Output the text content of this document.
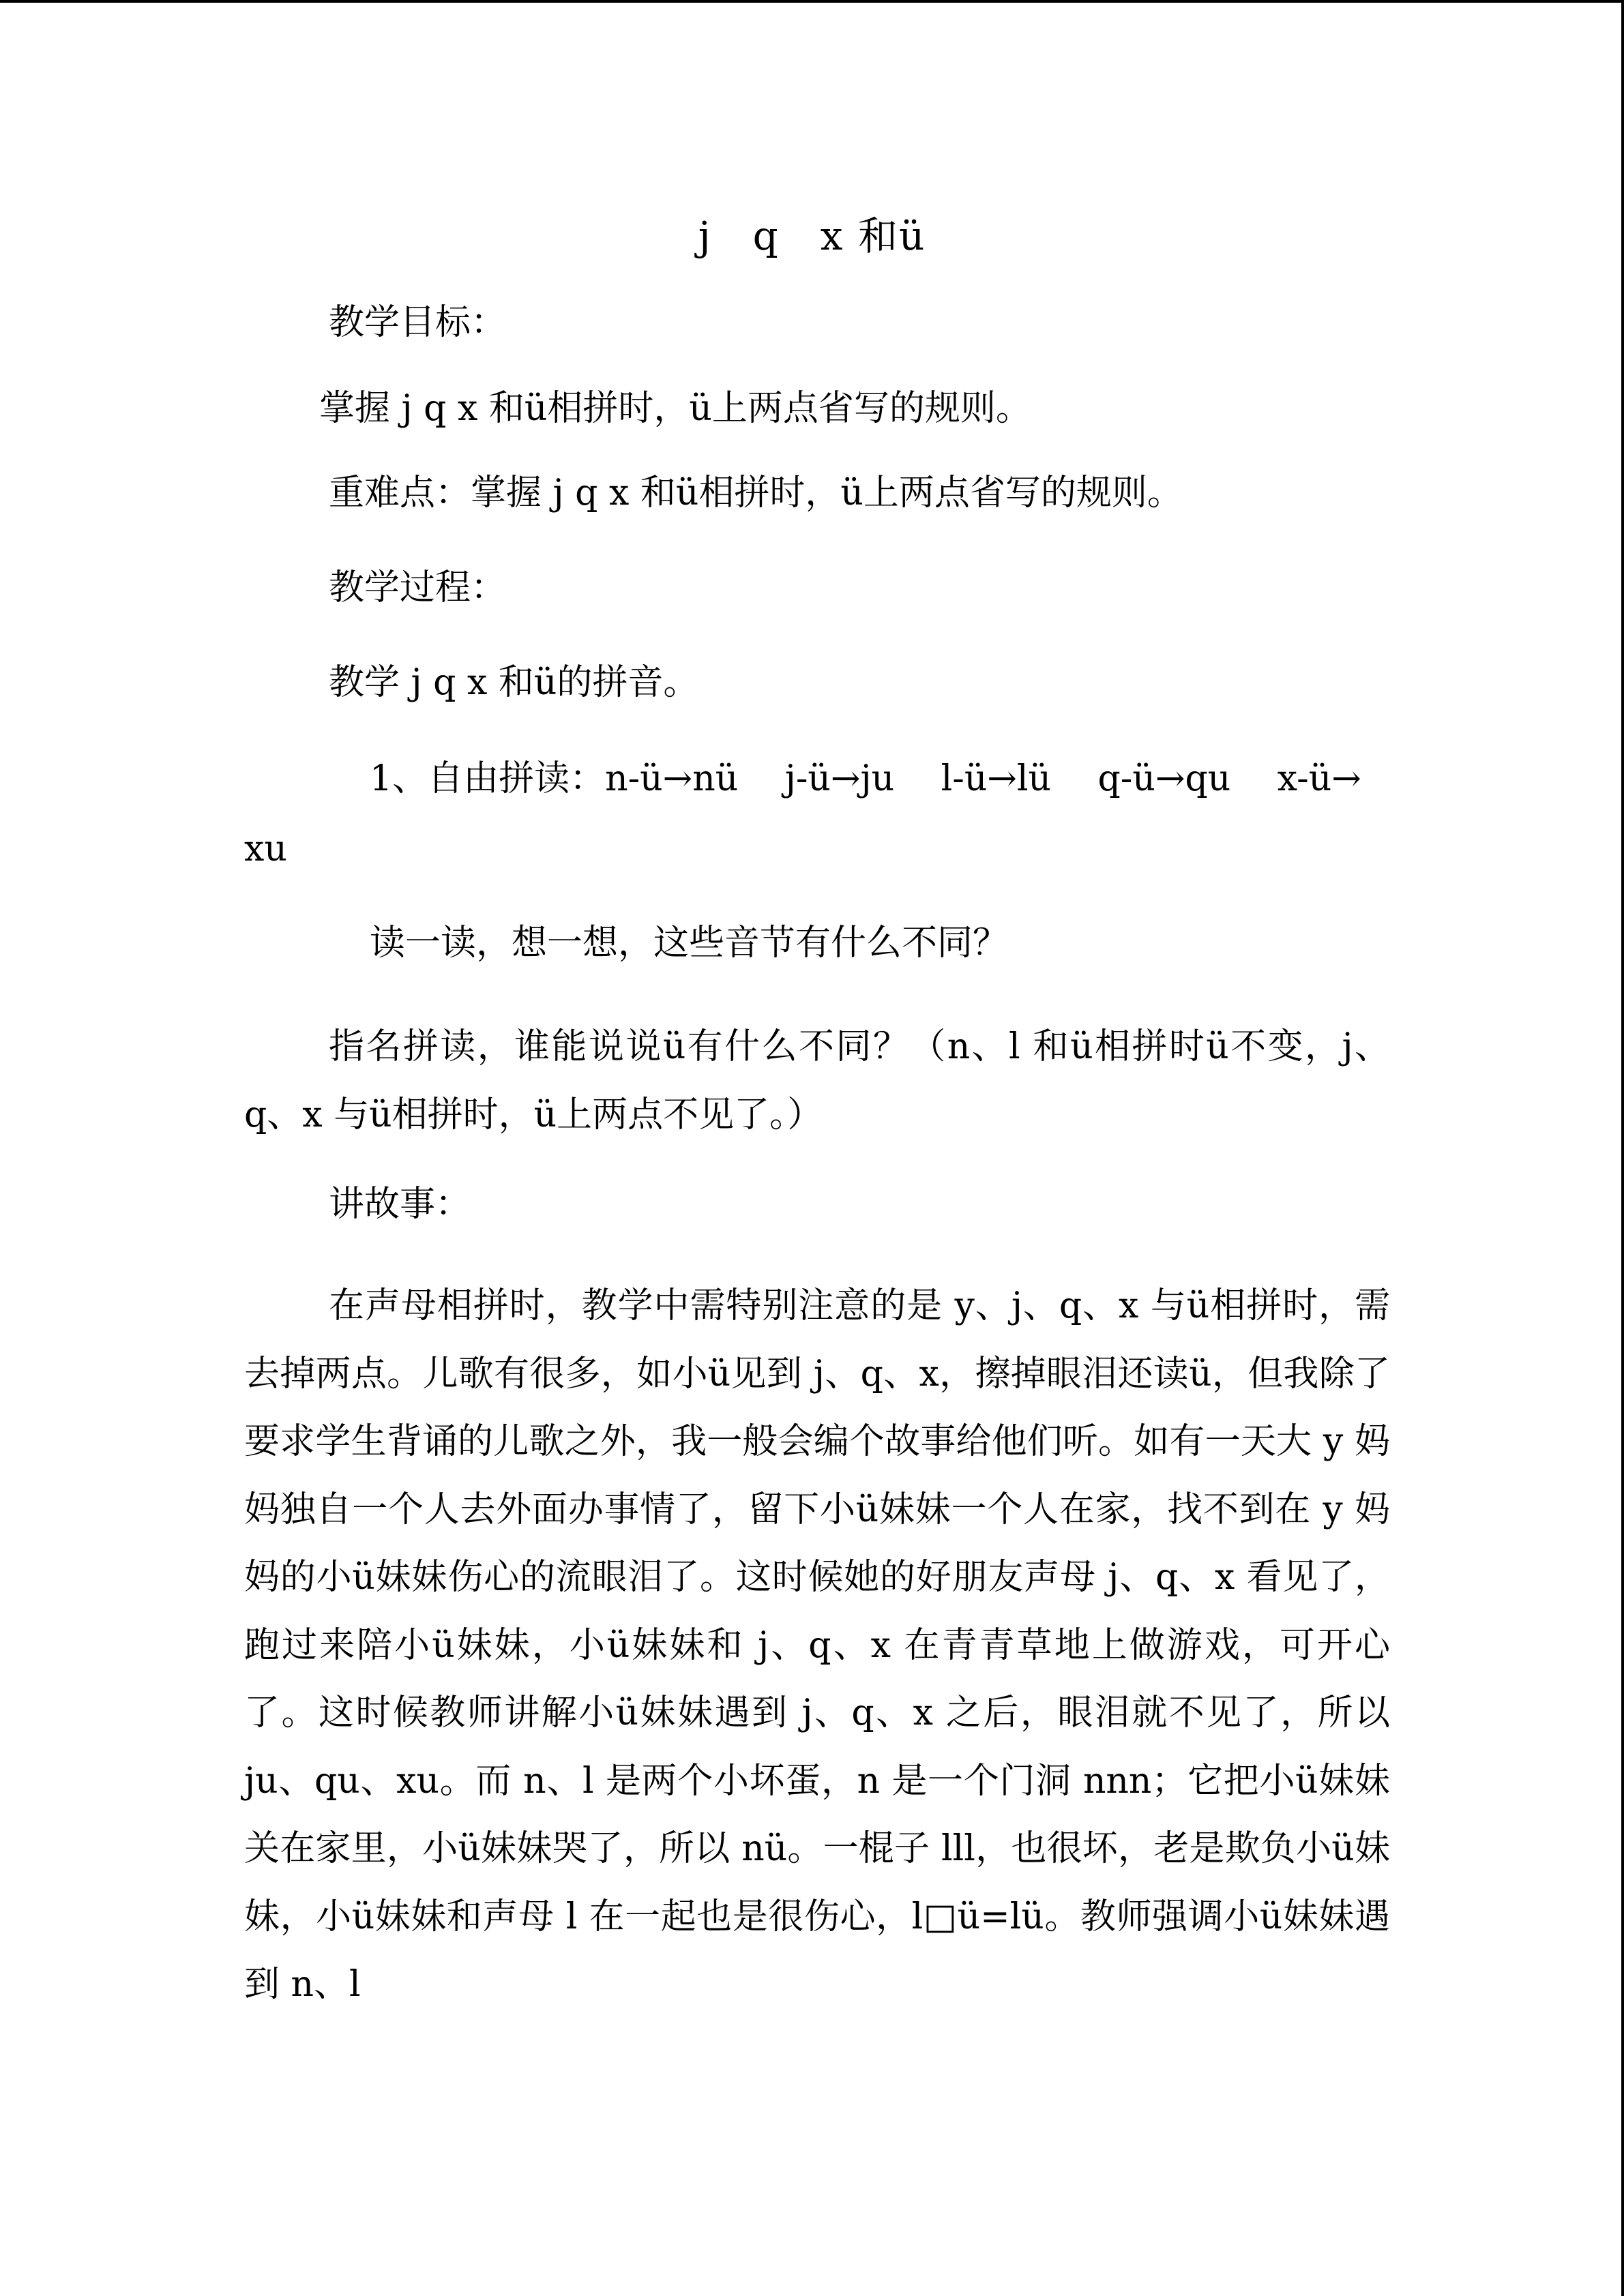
j　q　x 和ü
教学目标：
掌握 j q x 和ü相拼时，ü上两点省写的规则。
重难点：掌握 j q x 和ü相拼时，ü上两点省写的规则。
教学过程：
教学 j q x 和ü的拼音。
1、自由拼读：n-ü→nü　 j-ü→ju　 l-ü→lü　 q-ü→qu　 x-ü→
xu
读一读，想一想，这些音节有什么不同？
指名拼读，谁能说说ü有什么不同？（n、l 和ü相拼时ü不变，j、q、x 与ü相拼时，ü上两点不见了。）
讲故事：
在声母相拼时，教学中需特别注意的是 y、j、q、x 与ü相拼时，需去掉两点。儿歌有很多，如小ü见到 j、q、x，擦掉眼泪还读ü，但我除了要求学生背诵的儿歌之外，我一般会编个故事给他们听。如有一天大 y 妈妈独自一个人去外面办事情了，留下小ü妹妹一个人在家，找不到在 y 妈妈的小ü妹妹伤心的流眼泪了。这时候她的好朋友声母 j、q、x 看见了，跑过来陪小ü妹妹，小ü妹妹和 j、q、x 在青青草地上做游戏，可开心了。这时候教师讲解小ü妹妹遇到 j、q、x 之后，眼泪就不见了，所以 ju、qu、xu。而 n、l 是两个小坏蛋，n 是一个门洞 nnn；它把小ü妹妹关在家里，小ü妹妹哭了，所以 nü。一棍子 lll，也很坏，老是欺负小ü妹妹，小ü妹妹和声母 l 在一起也是很伤心，l□ü=lü。教师强调小ü妹妹遇到 n、l
